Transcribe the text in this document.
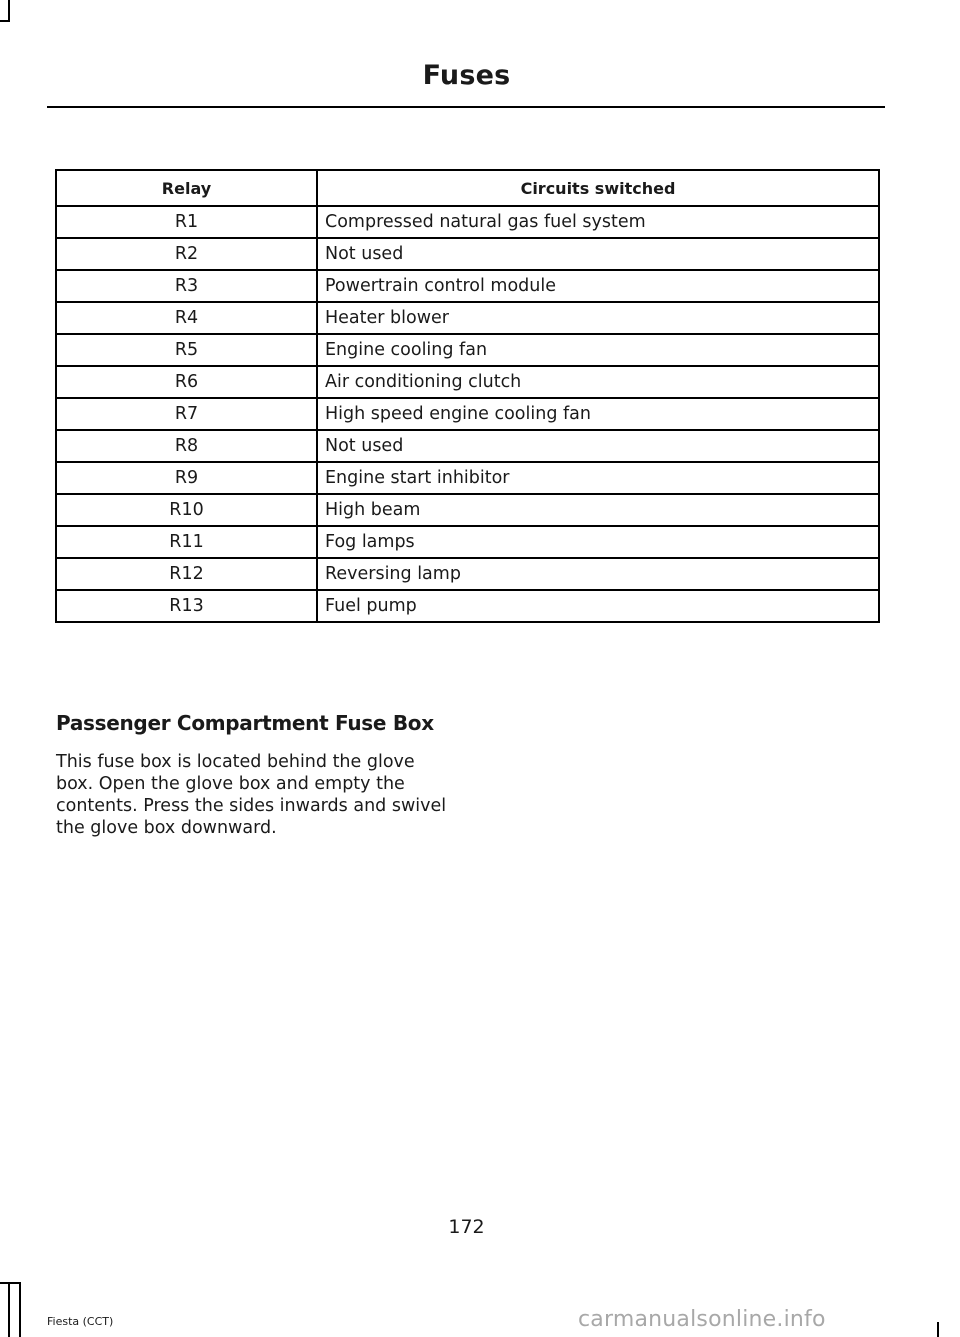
Fuses
Relay	Circuits switched
R1	Compressed natural gas fuel system
R2	Not used
R3	Powertrain control module
R4	Heater blower
R5	Engine cooling fan
R6	Air conditioning clutch
R7	High speed engine cooling fan
R8	Not used
R9	Engine start inhibitor
R10	High beam
R11	Fog lamps
R12	Reversing lamp
R13	Fuel pump
Passenger Compartment Fuse Box
This fuse box is located behind the glove box. Open the glove box and empty the contents. Press the sides inwards and swivel the glove box downward.
172
Fiesta (CCT)	carmanualsonline.info
